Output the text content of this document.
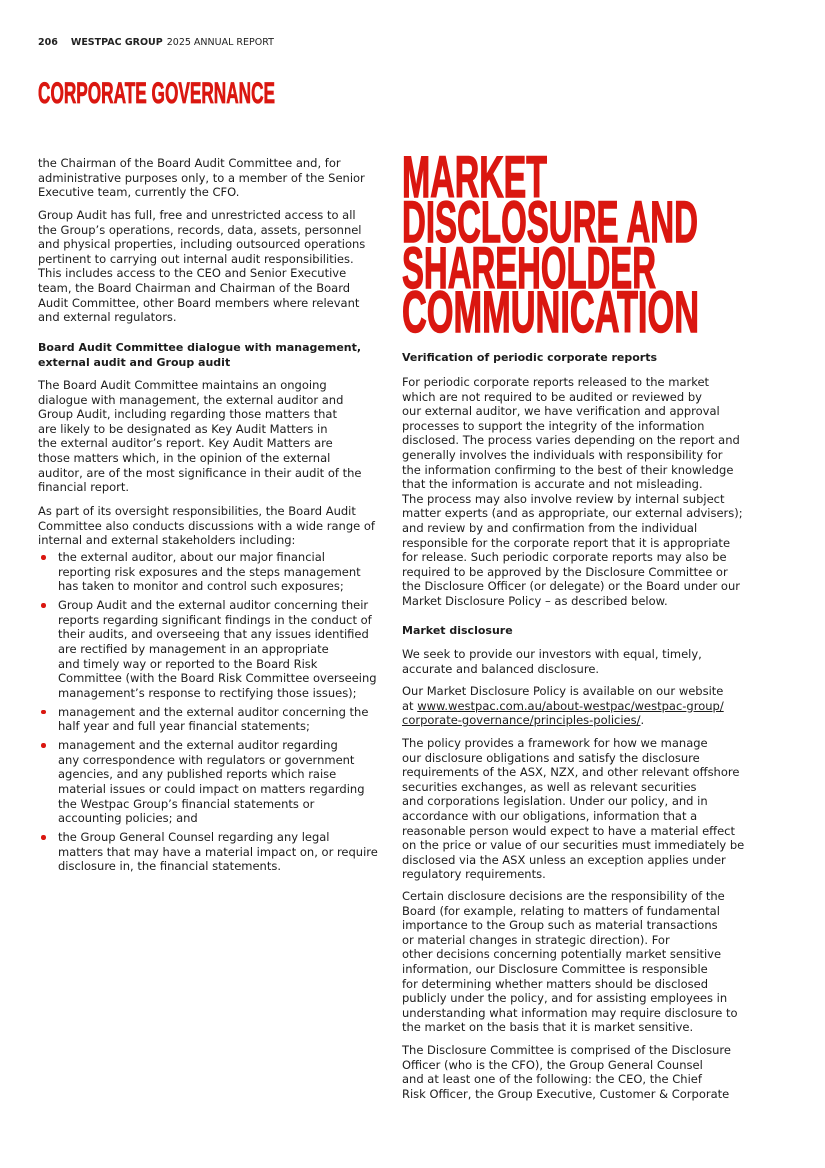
206 WESTPAC GROUP 2025 ANNUAL REPORT
CORPORATE GOVERNANCE

the Chairman of the Board Audit Committee and, for
administrative purposes only, to a member of the Senior
Executive team, currently the CFO.

Group Audit has full, free and unrestricted access to all
the Group’s operations, records, data, assets, personnel
and physical properties, including outsourced operations
pertinent to carrying out internal audit responsibilities.
This includes access to the CEO and Senior Executive
team, the Board Chairman and Chairman of the Board
Audit Committee, other Board members where relevant
and external regulators.

Board Audit Committee dialogue with management,
external audit and Group audit

The Board Audit Committee maintains an ongoing
dialogue with management, the external auditor and
Group Audit, including regarding those matters that
are likely to be designated as Key Audit Matters in
the external auditor’s report. Key Audit Matters are
those matters which, in the opinion of the external
auditor, are of the most significance in their audit of the
financial report.

As part of its oversight responsibilities, the Board Audit
Committee also conducts discussions with a wide range of
internal and external stakeholders including:

the external auditor, about our major financial
reporting risk exposures and the steps management
has taken to monitor and control such exposures;
Group Audit and the external auditor concerning their
reports regarding significant findings in the conduct of
their audits, and overseeing that any issues identified
are rectified by management in an appropriate
and timely way or reported to the Board Risk
Committee (with the Board Risk Committee overseeing
management’s response to rectifying those issues);
management and the external auditor concerning the
half year and full year financial statements;
management and the external auditor regarding
any correspondence with regulators or government
agencies, and any published reports which raise
material issues or could impact on matters regarding
the Westpac Group’s financial statements or
accounting policies; and
the Group General Counsel regarding any legal
matters that may have a material impact on, or require
disclosure in, the financial statements.
MARKET
DISCLOSURE AND
SHAREHOLDER
COMMUNICATION
Verification of periodic corporate reports

For periodic corporate reports released to the market
which are not required to be audited or reviewed by
our external auditor, we have verification and approval
processes to support the integrity of the information
disclosed. The process varies depending on the report and
generally involves the individuals with responsibility for
the information confirming to the best of their knowledge
that the information is accurate and not misleading.
The process may also involve review by internal subject
matter experts (and as appropriate, our external advisers);
and review by and confirmation from the individual
responsible for the corporate report that it is appropriate
for release. Such periodic corporate reports may also be
required to be approved by the Disclosure Committee or
the Disclosure Officer (or delegate) or the Board under our
Market Disclosure Policy – as described below.

Market disclosure

We seek to provide our investors with equal, timely,
accurate and balanced disclosure.

Our Market Disclosure Policy is available on our website
at www.westpac.com.au/about-westpac/westpac-group/
corporate-governance/principles-policies/.

The policy provides a framework for how we manage
our disclosure obligations and satisfy the disclosure
requirements of the ASX, NZX, and other relevant offshore
securities exchanges, as well as relevant securities
and corporations legislation. Under our policy, and in
accordance with our obligations, information that a
reasonable person would expect to have a material effect
on the price or value of our securities must immediately be
disclosed via the ASX unless an exception applies under
regulatory requirements.

Certain disclosure decisions are the responsibility of the
Board (for example, relating to matters of fundamental
importance to the Group such as material transactions
or material changes in strategic direction). For
other decisions concerning potentially market sensitive
information, our Disclosure Committee is responsible
for determining whether matters should be disclosed
publicly under the policy, and for assisting employees in
understanding what information may require disclosure to
the market on the basis that it is market sensitive.

The Disclosure Committee is comprised of the Disclosure
Officer (who is the CFO), the Group General Counsel
and at least one of the following: the CEO, the Chief
Risk Officer, the Group Executive, Customer & Corporate
